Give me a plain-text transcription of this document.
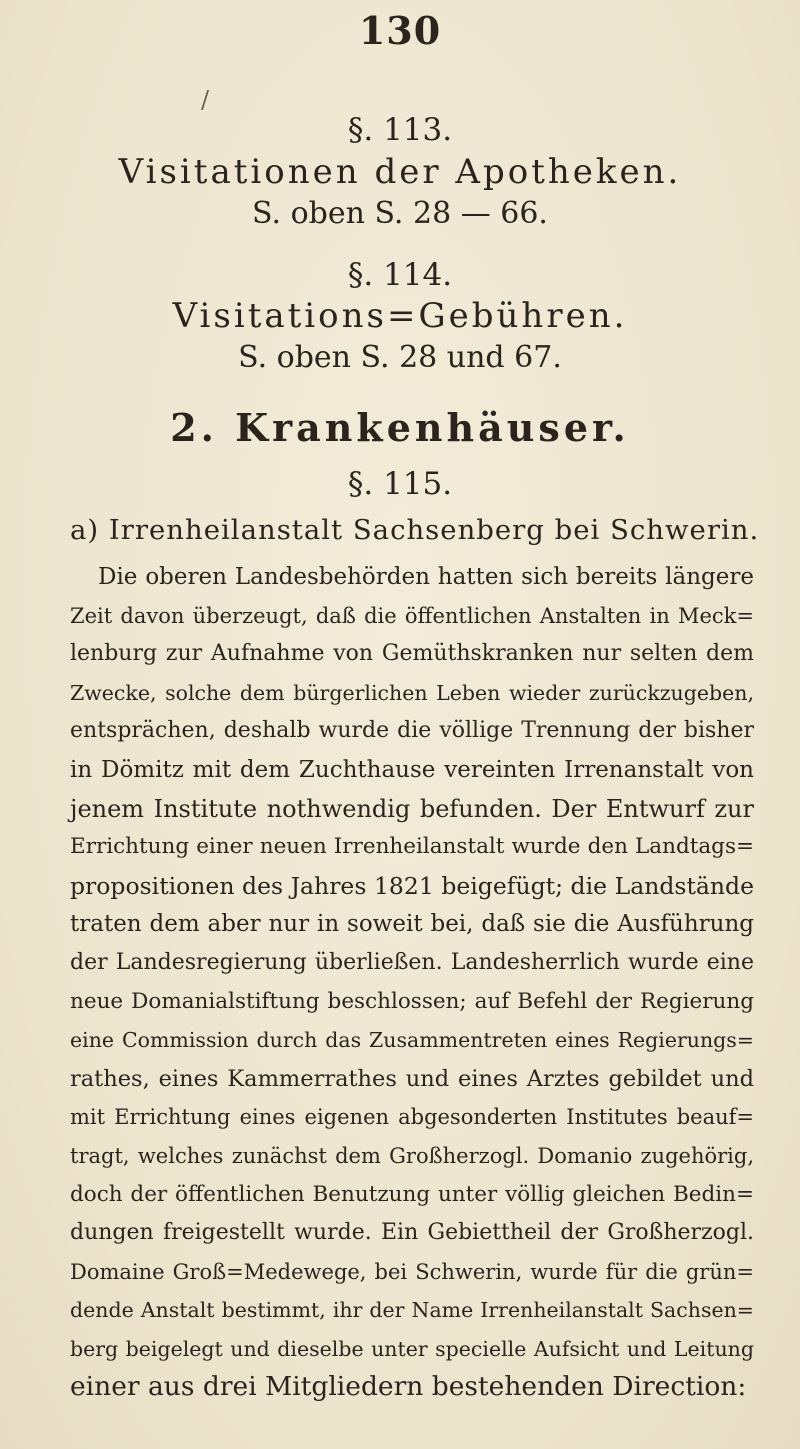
130
/
§. 113.
Visitationen der Apotheken.
S. oben S. 28 — 66.
§. 114.
Visitations=Gebühren.
S. oben S. 28 und 67.
2. Krankenhäuser.
§. 115.
a) Irrenheilanstalt Sachsenberg bei Schwerin.
Die oberen Landesbehörden hatten sich bereits längere
Zeit davon überzeugt, daß die öffentlichen Anstalten in Meck=
lenburg zur Aufnahme von Gemüthskranken nur selten dem
Zwecke, solche dem bürgerlichen Leben wieder zurückzugeben,
entsprächen, deshalb wurde die völlige Trennung der bisher
in Dömitz mit dem Zuchthause vereinten Irrenanstalt von
jenem Institute nothwendig befunden. Der Entwurf zur
Errichtung einer neuen Irrenheilanstalt wurde den Landtags=
propositionen des Jahres 1821 beigefügt; die Landstände
traten dem aber nur in soweit bei, daß sie die Ausführung
der Landesregierung überließen. Landesherrlich wurde eine
neue Domanialstiftung beschlossen; auf Befehl der Regierung
eine Commission durch das Zusammentreten eines Regierungs=
rathes, eines Kammerrathes und eines Arztes gebildet und
mit Errichtung eines eigenen abgesonderten Institutes beauf=
tragt, welches zunächst dem Großherzogl. Domanio zugehörig,
doch der öffentlichen Benutzung unter völlig gleichen Bedin=
dungen freigestellt wurde. Ein Gebiettheil der Großherzogl.
Domaine Groß=Medewege, bei Schwerin, wurde für die grün=
dende Anstalt bestimmt, ihr der Name Irrenheilanstalt Sachsen=
berg beigelegt und dieselbe unter specielle Aufsicht und Leitung
einer aus drei Mitgliedern bestehenden Direction:
